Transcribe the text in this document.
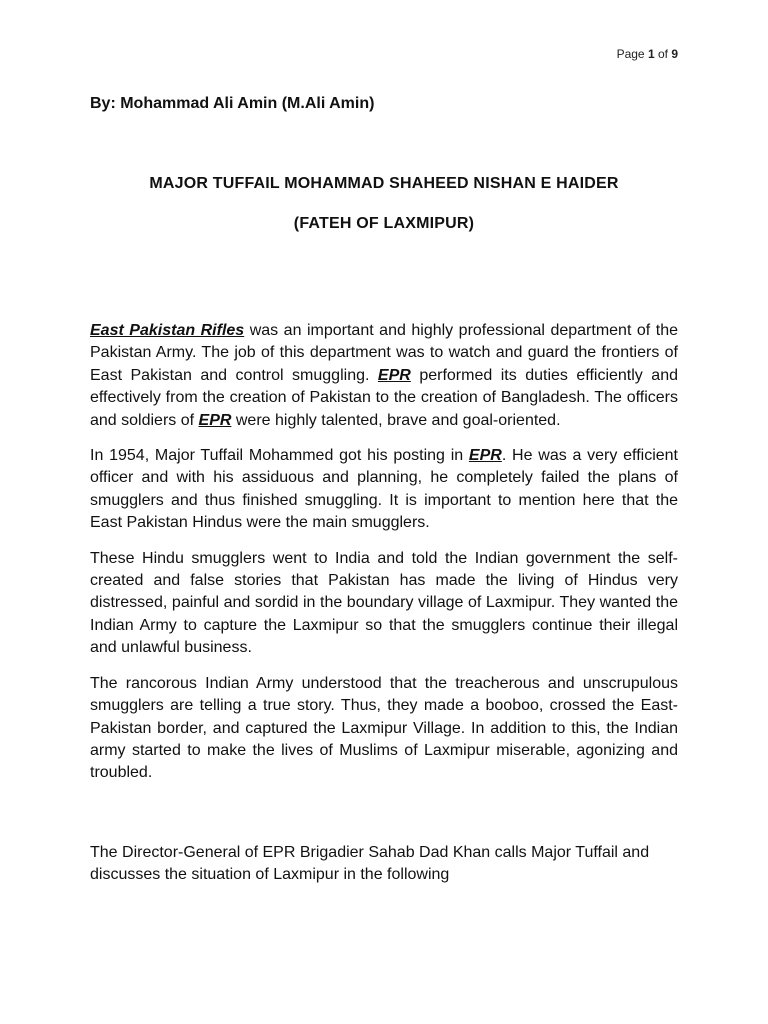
Page 1 of 9
By: Mohammad Ali Amin (M.Ali Amin)
MAJOR TUFFAIL MOHAMMAD SHAHEED NISHAN E HAIDER
(FATEH OF LAXMIPUR)

East Pakistan Rifles was an important and highly professional department of the Pakistan Army. The job of this department was to watch and guard the frontiers of East Pakistan and control smuggling. EPR performed its duties efficiently and effectively from the creation of Pakistan to the creation of Bangladesh. The officers and soldiers of EPR were highly talented, brave and goal-oriented.

In 1954, Major Tuffail Mohammed got his posting in EPR. He was a very efficient officer and with his assiduous and planning, he completely failed the plans of smugglers and thus finished smuggling. It is important to mention here that the East Pakistan Hindus were the main smugglers.

These Hindu smugglers went to India and told the Indian government the self-created and false stories that Pakistan has made the living of Hindus very distressed, painful and sordid in the boundary village of Laxmipur. They wanted the Indian Army to capture the Laxmipur so that the smugglers continue their illegal and unlawful business.

The rancorous Indian Army understood that the treacherous and unscrupulous smugglers are telling a true story. Thus, they made a booboo, crossed the East-Pakistan border, and captured the Laxmipur Village. In addition to this, the Indian army started to make the lives of Muslims of Laxmipur miserable, agonizing and troubled.

The Director-General of EPR Brigadier Sahab Dad Khan calls Major Tuffail and discusses the situation of Laxmipur in the following
